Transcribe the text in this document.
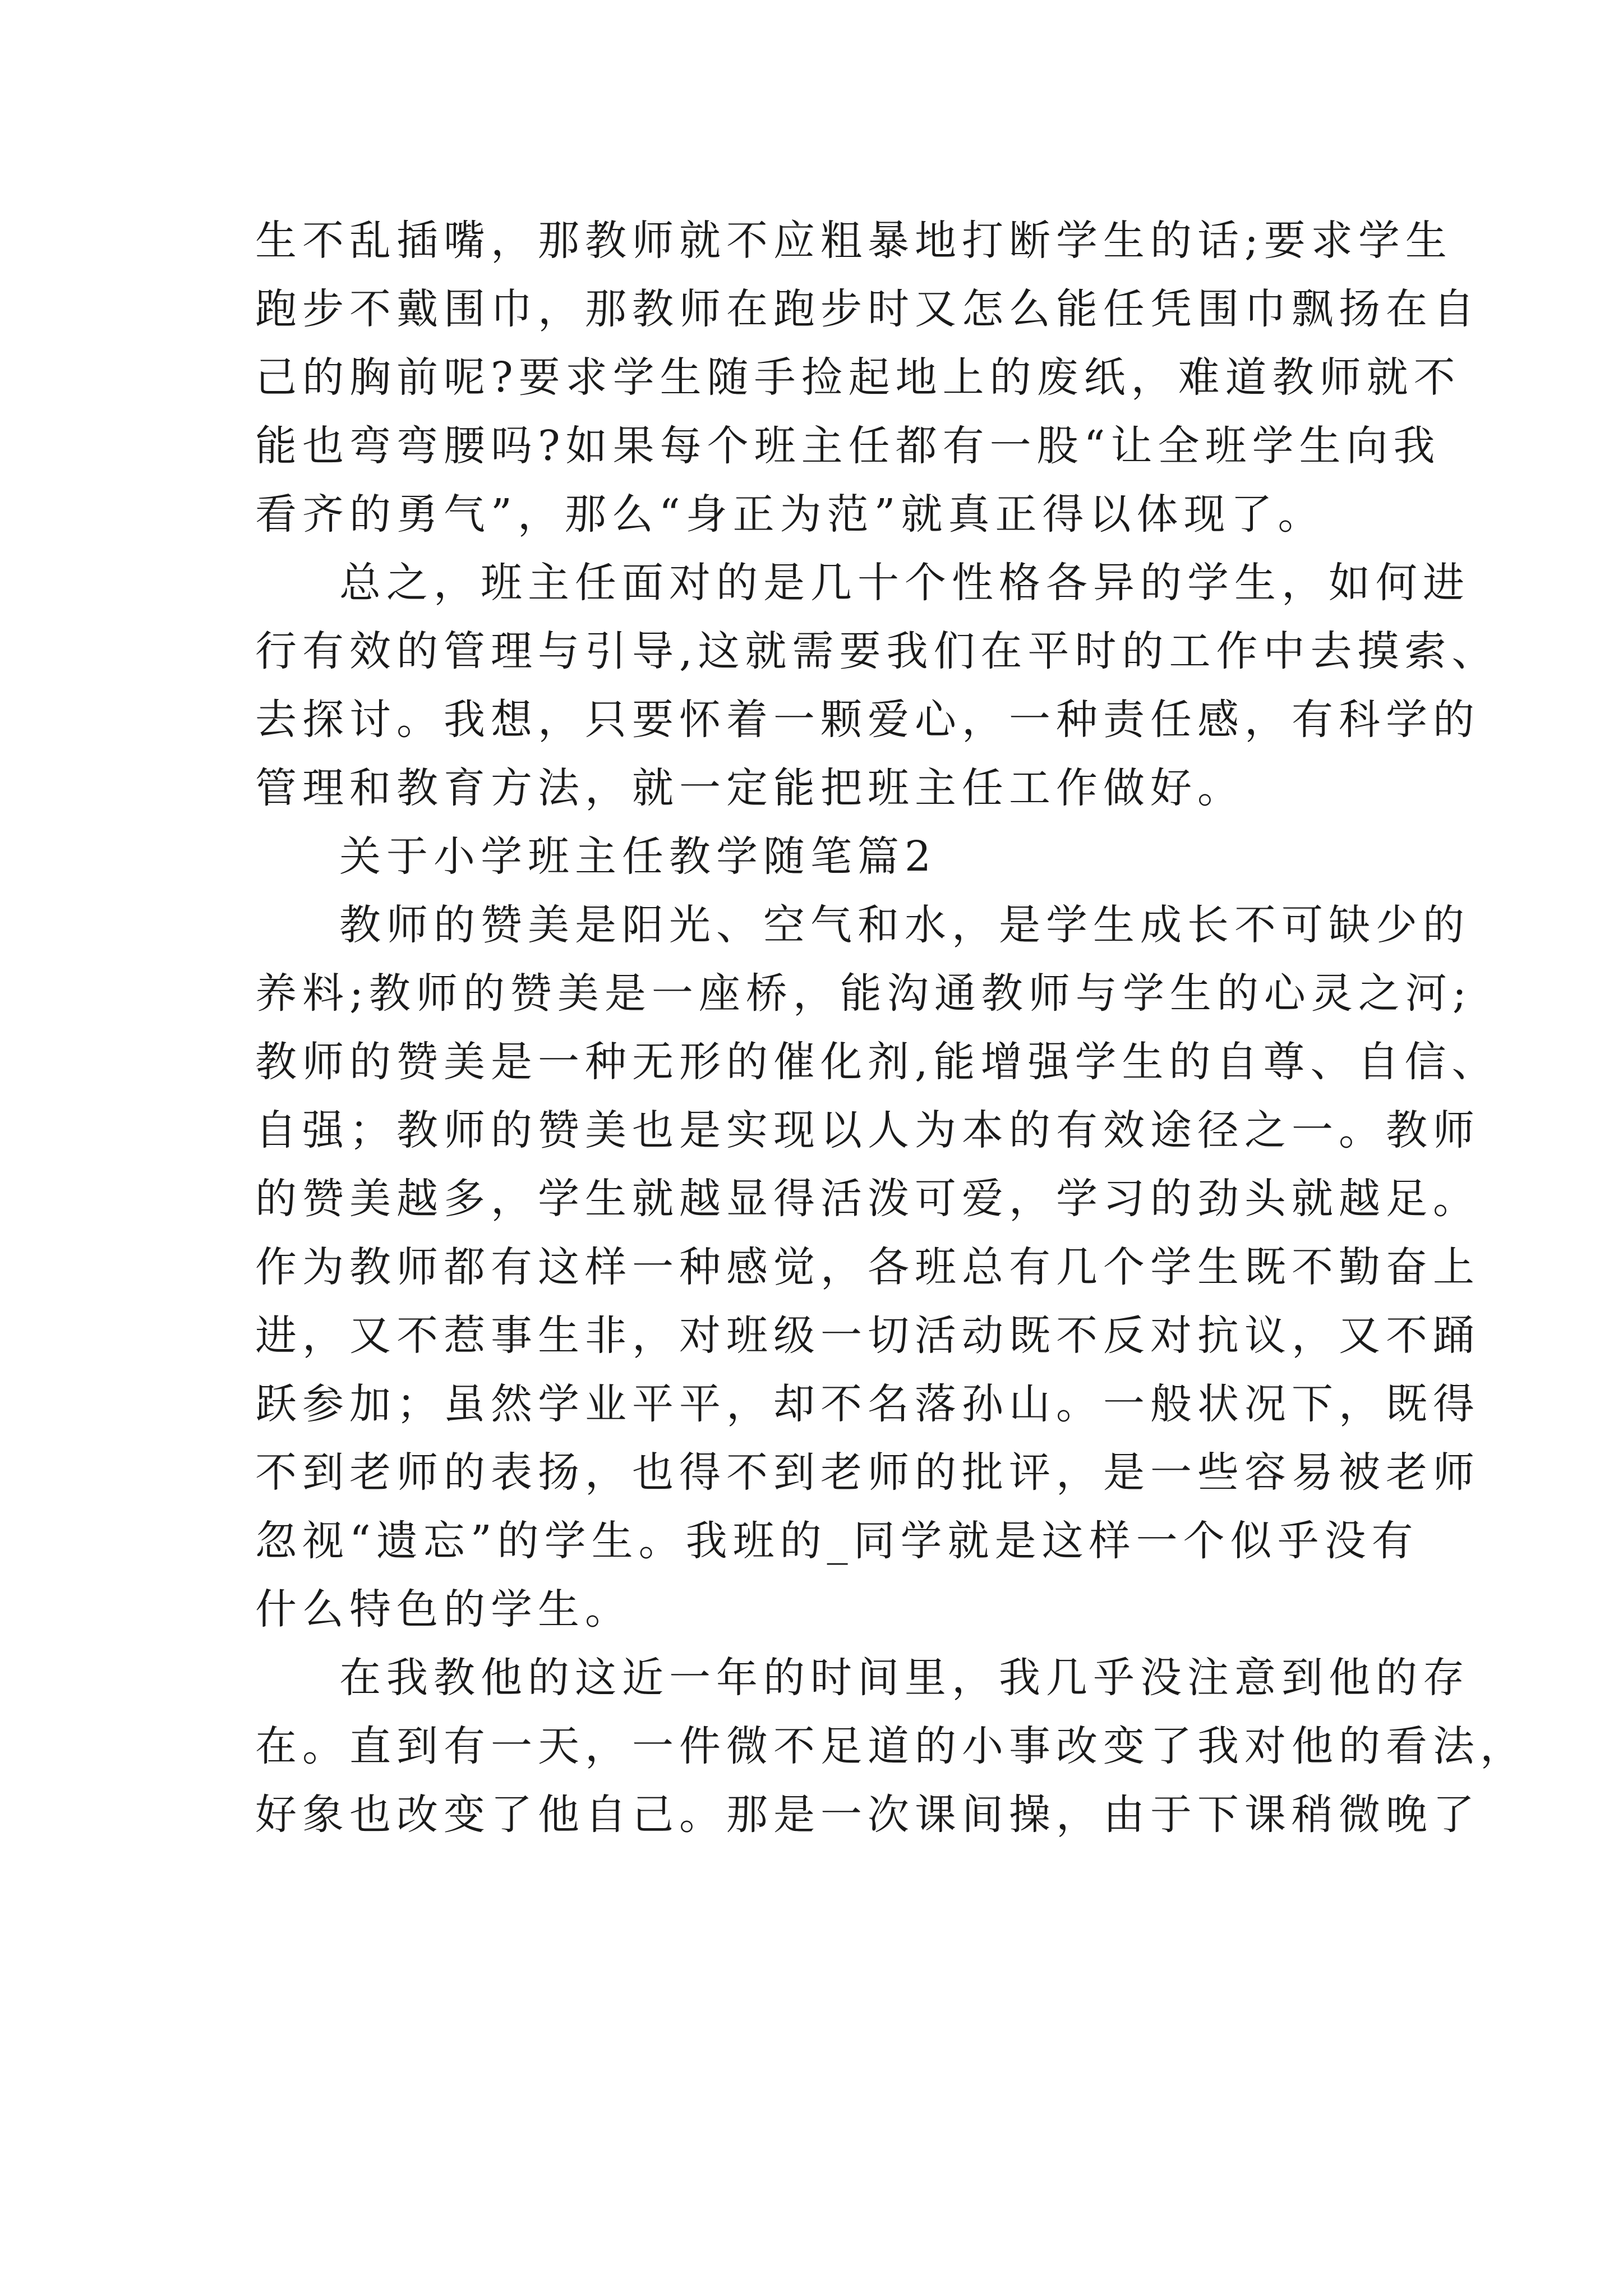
生不乱插嘴，那教师就不应粗暴地打断学生的话;要求学生
跑步不戴围巾，那教师在跑步时又怎么能任凭围巾飘扬在自
己的胸前呢?要求学生随手捡起地上的废纸，难道教师就不
能也弯弯腰吗?如果每个班主任都有一股“让全班学生向我
看齐的勇气”，那么“身正为范”就真正得以体现了。
总之，班主任面对的是几十个性格各异的学生，如何进
行有效的管理与引导,这就需要我们在平时的工作中去摸索、
去探讨。我想，只要怀着一颗爱心，一种责任感，有科学的
管理和教育方法，就一定能把班主任工作做好。
关于小学班主任教学随笔篇2
教师的赞美是阳光、空气和水，是学生成长不可缺少的
养料;教师的赞美是一座桥，能沟通教师与学生的心灵之河;
教师的赞美是一种无形的催化剂,能增强学生的自尊、自信、
自强；教师的赞美也是实现以人为本的有效途径之一。教师
的赞美越多，学生就越显得活泼可爱，学习的劲头就越足。
作为教师都有这样一种感觉，各班总有几个学生既不勤奋上
进，又不惹事生非，对班级一切活动既不反对抗议，又不踊
跃参加；虽然学业平平，却不名落孙山。一般状况下，既得
不到老师的表扬，也得不到老师的批评，是一些容易被老师
忽视“遗忘”的学生。我班的_同学就是这样一个似乎没有
什么特色的学生。
在我教他的这近一年的时间里，我几乎没注意到他的存
在。直到有一天，一件微不足道的小事改变了我对他的看法，
好象也改变了他自己。那是一次课间操，由于下课稍微晚了
